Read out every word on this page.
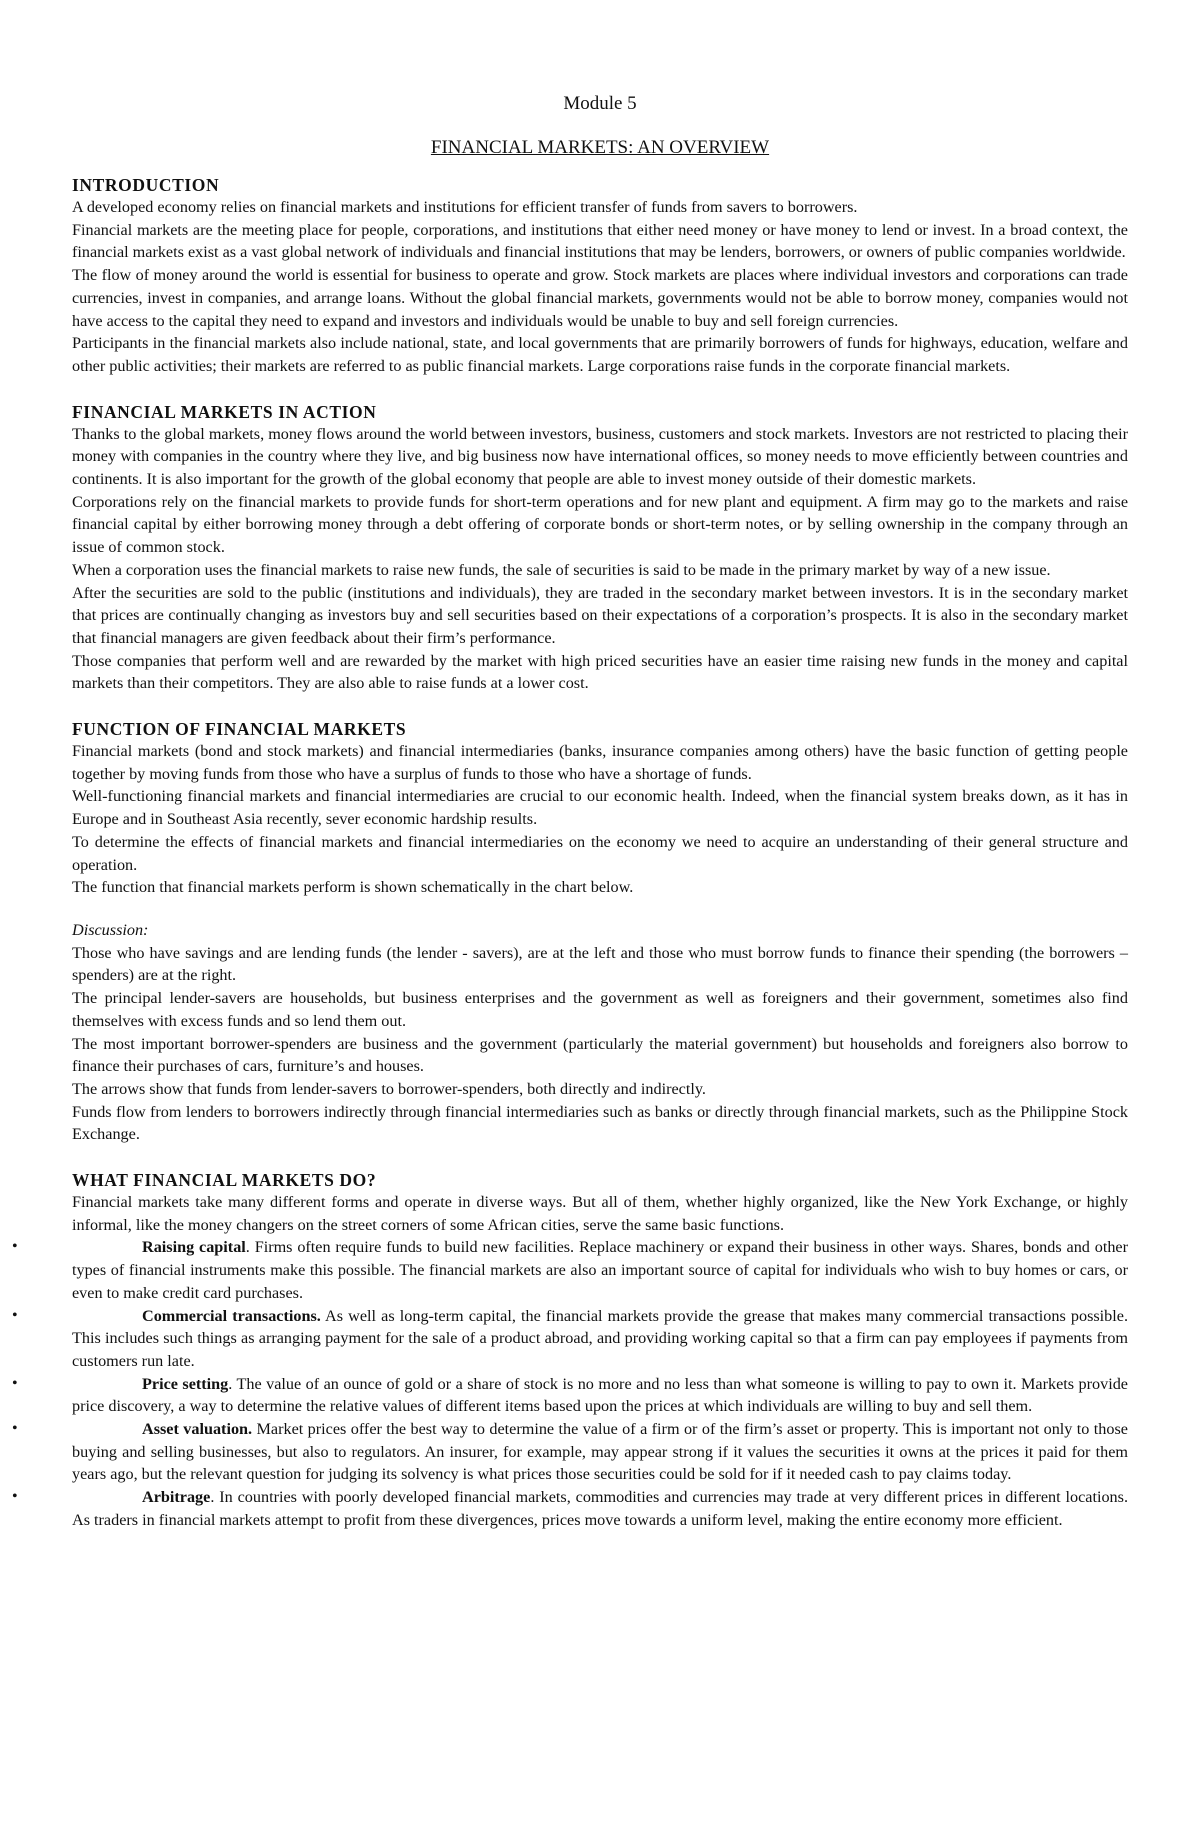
Module 5
FINANCIAL MARKETS: AN OVERVIEW
INTRODUCTION

A developed economy relies on financial markets and institutions for efficient transfer of funds from savers to borrowers.

Financial markets are the meeting place for people, corporations, and institutions that either need money or have money to lend or invest. In a broad context, the financial markets exist as a vast global network of individuals and financial institutions that may be lenders, borrowers, or owners of public companies worldwide.

The flow of money around the world is essential for business to operate and grow. Stock markets are places where individual investors and corporations can trade currencies, invest in companies, and arrange loans. Without the global financial markets, governments would not be able to borrow money, companies would not have access to the capital they need to expand and investors and individuals would be unable to buy and sell foreign currencies.

Participants in the financial markets also include national, state, and local governments that are primarily borrowers of funds for highways, education, welfare and other public activities; their markets are referred to as public financial markets. Large corporations raise funds in the corporate financial markets.

FINANCIAL MARKETS IN ACTION

Thanks to the global markets, money flows around the world between investors, business, customers and stock markets. Investors are not restricted to placing their money with companies in the country where they live, and big business now have international offices, so money needs to move efficiently between countries and continents. It is also important for the growth of the global economy that people are able to invest money outside of their domestic markets.

Corporations rely on the financial markets to provide funds for short-term operations and for new plant and equipment. A firm may go to the markets and raise financial capital by either borrowing money through a debt offering of corporate bonds or short-term notes, or by selling ownership in the company through an issue of common stock.

When a corporation uses the financial markets to raise new funds, the sale of securities is said to be made in the primary market by way of a new issue.

After the securities are sold to the public (institutions and individuals), they are traded in the secondary market between investors. It is in the secondary market that prices are continually changing as investors buy and sell securities based on their expectations of a corporation’s prospects. It is also in the secondary market that financial managers are given feedback about their firm’s performance.

Those companies that perform well and are rewarded by the market with high priced securities have an easier time raising new funds in the money and capital markets than their competitors. They are also able to raise funds at a lower cost.

FUNCTION OF FINANCIAL MARKETS

Financial markets (bond and stock markets) and financial intermediaries (banks, insurance companies among others) have the basic function of getting people together by moving funds from those who have a surplus of funds to those who have a shortage of funds.

Well-functioning financial markets and financial intermediaries are crucial to our economic health. Indeed, when the financial system breaks down, as it has in Europe and in Southeast Asia recently, sever economic hardship results.

To determine the effects of financial markets and financial intermediaries on the economy we need to acquire an understanding of their general structure and operation.

The function that financial markets perform is shown schematically in the chart below.

Discussion:

Those who have savings and are lending funds (the lender - savers), are at the left and those who must borrow funds to finance their spending (the borrowers – spenders) are at the right.

The principal lender-savers are households, but business enterprises and the government as well as foreigners and their government, sometimes also find themselves with excess funds and so lend them out.

The most important borrower-spenders are business and the government (particularly the material government) but households and foreigners also borrow to finance their purchases of cars, furniture’s and houses.

The arrows show that funds from lender-savers to borrower-spenders, both directly and indirectly.

Funds flow from lenders to borrowers indirectly through financial intermediaries such as banks or directly through financial markets, such as the Philippine Stock Exchange.

WHAT FINANCIAL MARKETS DO?

Financial markets take many different forms and operate in diverse ways. But all of them, whether highly organized, like the New York Exchange, or highly informal, like the money changers on the street corners of some African cities, serve the same basic functions.

•	Raising capital. Firms often require funds to build new facilities. Replace machinery or expand their business in other ways. Shares, bonds and other types of financial instruments make this possible. The financial markets are also an important source of capital for individuals who wish to buy homes or cars, or even to make credit card purchases.
•	Commercial transactions. As well as long-term capital, the financial markets provide the grease that makes many commercial transactions possible. This includes such things as arranging payment for the sale of a product abroad, and providing working capital so that a firm can pay employees if payments from customers run late.
•	Price setting. The value of an ounce of gold or a share of stock is no more and no less than what someone is willing to pay to own it. Markets provide price discovery, a way to determine the relative values of different items based upon the prices at which individuals are willing to buy and sell them.
•	Asset valuation. Market prices offer the best way to determine the value of a firm or of the firm’s asset or property. This is important not only to those buying and selling businesses, but also to regulators. An insurer, for example, may appear strong if it values the securities it owns at the prices it paid for them years ago, but the relevant question for judging its solvency is what prices those securities could be sold for if it needed cash to pay claims today.
•	Arbitrage. In countries with poorly developed financial markets, commodities and currencies may trade at very different prices in different locations. As traders in financial markets attempt to profit from these divergences, prices move towards a uniform level, making the entire economy more efficient.
